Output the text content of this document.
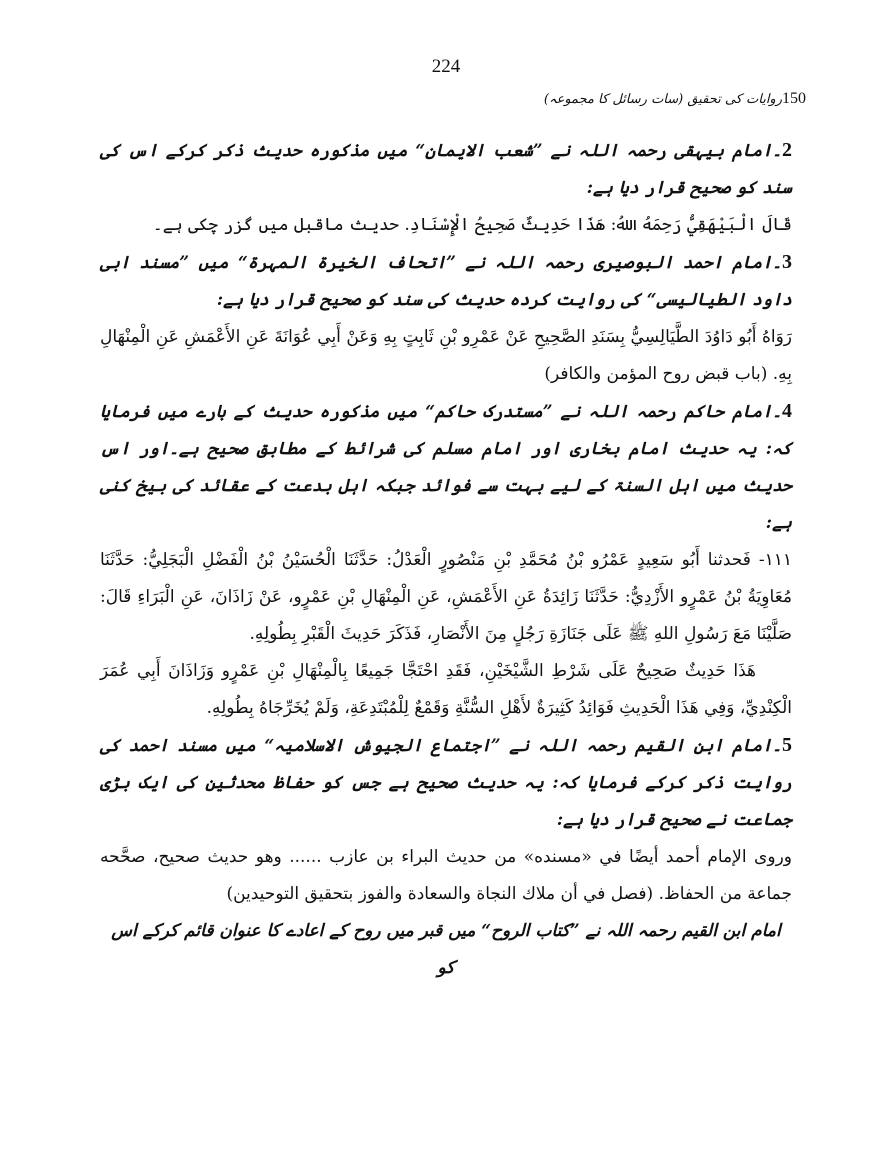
224
150روایات کی تحقیق (سات رسائل کا مجموعہ)

2۔امام بیہقی رحمہ اللہ نے ”شعب الایمان“ میں مذکورہ حدیث ذکر کرکے اس کی سند کو صحیح قرار دیا ہے:

قَالَ الْبَيْهَقِيُّ رَحِمَهُ اللهُ: هَذَا حَدِيثٌ صَحِيحُ الْإِسْنَادِ. حدیث ماقبل میں گزر چکی ہے۔

3۔امام احمد البوصیری رحمہ اللہ نے ”اتحاف الخیرۃ المہرۃ“ میں ”مسند ابی داود الطیالیسی“ کی روایت کردہ حدیث کی سند کو صحیح قرار دیا ہے:

رَوَاهُ أَبُو دَاوُدَ الطَّيَالِسِيُّ بِسَنَدِ الصَّحِيحِ عَنْ عَمْرِو بْنِ ثَابِتٍ بِهِ وَعَنْ أَبِي عُوَانَةَ عَنِ الأَعْمَشِ عَنِ الْمِنْهَالِ بِهِ. (باب قبض روح المؤمن والكافر)

4۔امام حاکم رحمہ اللہ نے ”مستدرک حاکم“ میں مذکورہ حدیث کے بارے میں فرمایا کہ: یہ حدیث امام بخاری اور امام مسلم کی شرائط کے مطابق صحیح ہے۔اور اس حدیث میں اہل السنۃ کے لیے بہت سے فوائد جبکہ اہل بدعت کے عقائد کی بیخ کنی ہے:

١١١- فَحدثنا أَبُو سَعِيدٍ عَمْرُو بْنُ مُحَمَّدِ بْنِ مَنْصُورٍ الْعَدْلُ: حَدَّثَنَا الْحُسَيْنُ بْنُ الْفَضْلِ الْبَجَلِيُّ: حَدَّثَنَا مُعَاوِيَةُ بْنُ عَمْرٍو الأَزْدِيُّ: حَدَّثَنَا زَائِدَةُ عَنِ الأَعْمَشِ، عَنِ الْمِنْهَالِ بْنِ عَمْرٍو، عَنْ زَاذَانَ، عَنِ الْبَرَاءِ قَالَ: صَلَّيْنَا مَعَ رَسُولِ اللهِ ﷺ عَلَى جَنَازَةِ رَجُلٍ مِنَ الأَنْصَارِ، فَذَكَرَ حَدِيثَ الْقَبْرِ بِطُولِهِ.

هَذَا حَدِيثٌ صَحِيحٌ عَلَى شَرْطِ الشَّيْخَيْنِ، فَقَدِ احْتَجَّا جَمِيعًا بِالْمِنْهَالِ بْنِ عَمْرٍو وَزَاذَانَ أَبِي عُمَرَ الْكِنْدِيِّ، وَفِي هَذَا الْحَدِيثِ فَوَائِدُ كَثِيرَةٌ لأَهْلِ السُّنَّةِ وَقَمْعٌ لِلْمُبْتَدِعَةِ، وَلَمْ يُخَرِّجَاهُ بِطُولِهِ.

5۔امام ابن القیم رحمہ اللہ نے ”اجتماع الجیوش الاسلامیہ“ میں مسند احمد کی روایت ذکر کرکے فرمایا کہ: یہ حدیث صحیح ہے جس کو حفاظ محدثین کی ایک بڑی جماعت نے صحیح قرار دیا ہے:

وروى الإمام أحمد أيضًا في «مسنده» من حديث البراء بن عازب ...... وهو حديث صحيح، صحَّحه جماعة من الحفاظ. (فصل في أن ملاك النجاة والسعادة والفوز بتحقيق التوحيدين)

امام ابن القیم رحمہ اللہ نے ”کتاب الروح“ میں قبر میں روح کے اعادے کا عنوان قائم کرکے اس کو
